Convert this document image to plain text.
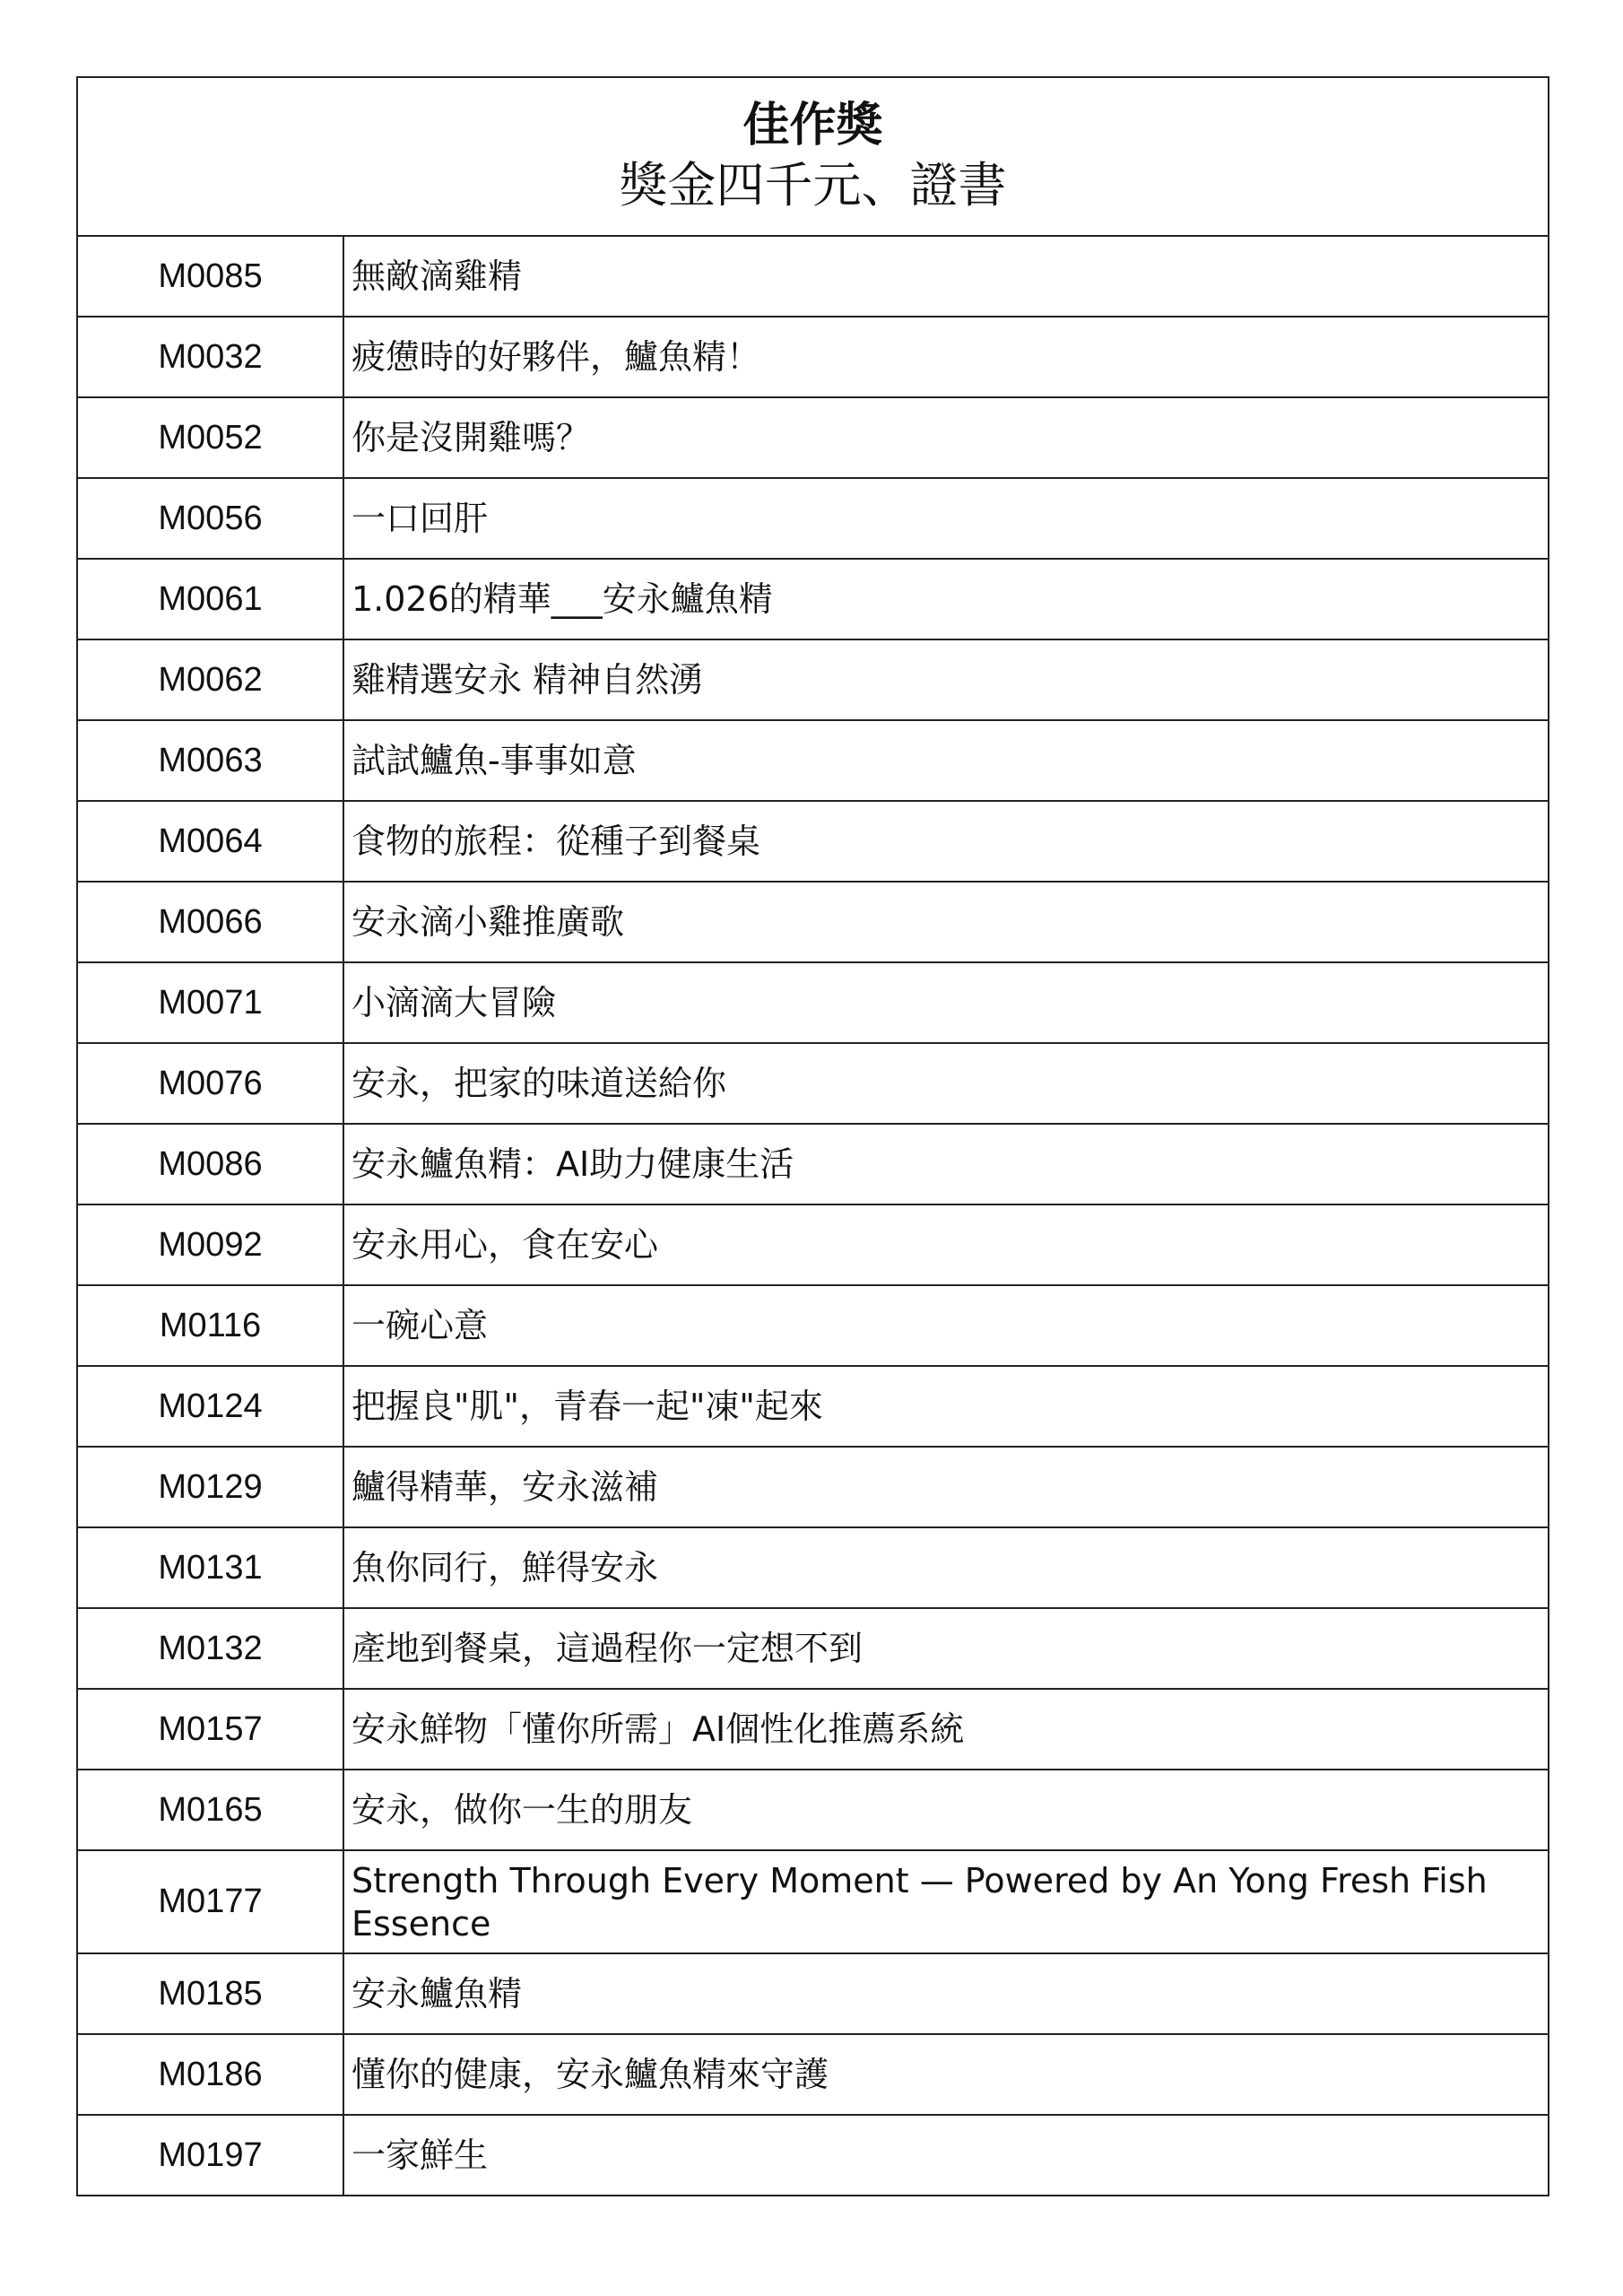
佳作獎
獎金四千元、證書	

M0085	無敵滴雞精
M0032	疲憊時的好夥伴，鱸魚精！
M0052	你是沒開雞嗎？
M0056	一口回肝
M0061	1.026的精華___安永鱸魚精
M0062	雞精選安永 精神自然湧
M0063	試試鱸魚-事事如意
M0064	食物的旅程：從種子到餐桌
M0066	安永滴小雞推廣歌
M0071	小滴滴大冒險
M0076	安永，把家的味道送給你
M0086	安永鱸魚精：AI助力健康生活
M0092	安永用心，食在安心
M0116	一碗心意
M0124	把握良"肌"，青春一起"凍"起來
M0129	鱸得精華，安永滋補
M0131	魚你同行，鮮得安永
M0132	產地到餐桌，這過程你一定想不到
M0157	安永鮮物「懂你所需」AI個性化推薦系統
M0165	安永，做你一生的朋友
M0177	Strength Through Every Moment — Powered by An Yong Fresh Fish Essence
M0185	安永鱸魚精
M0186	懂你的健康，安永鱸魚精來守護
M0197	一家鮮生
